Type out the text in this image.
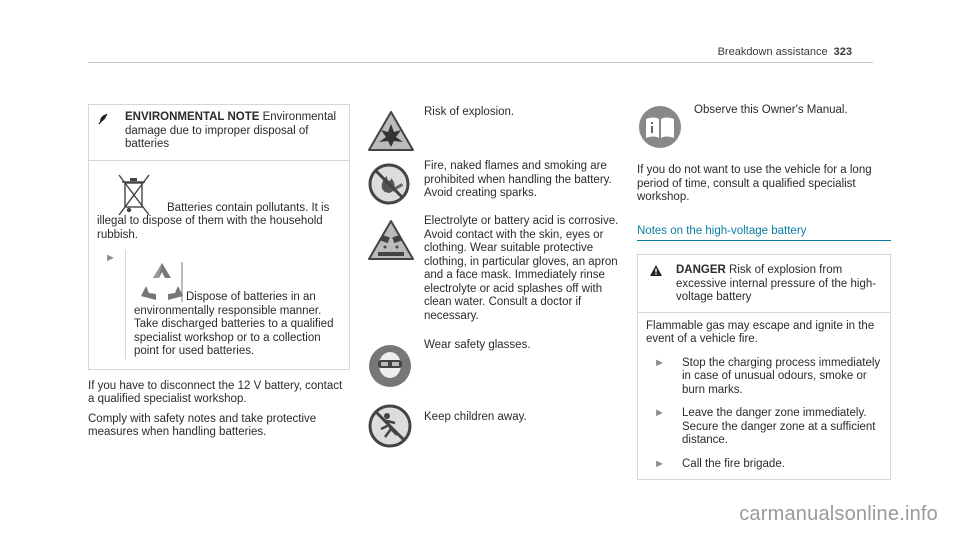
Breakdown assistance 323

ENVIRONMENTAL NOTE Environmental damage due to improper disposal of batteries

Batteries contain pollutants. It is illegal to dispose of them with the household rubbish.

►

Dispose of batteries in an environmentally responsible manner. Take discharged batteries to a qualified specialist workshop or to a collection point for used batteries.

If you have to disconnect the 12 V battery, contact a qualified specialist workshop.

Comply with safety notes and take protective measures when handling batteries.

Risk of explosion.

Fire, naked flames and smoking are prohibited when handling the battery. Avoid creating sparks.

Electrolyte or battery acid is corrosive. Avoid contact with the skin, eyes or clothing. Wear suitable protective clothing, in particular gloves, an apron and a face mask. Immediately rinse electrolyte or acid splashes off with clean water. Consult a doctor if necessary.

Wear safety glasses.

Keep children away.

Observe this Owner's Manual.

If you do not want to use the vehicle for a long period of time, consult a qualified specialist workshop.

Notes on the high-voltage battery

DANGER Risk of explosion from excessive internal pressure of the high-voltage battery

Flammable gas may escape and ignite in the event of a vehicle fire.

►	Stop the charging process immediately in case of unusual odours, smoke or burn marks.

►	Leave the danger zone immediately. Secure the danger zone at a sufficient distance.

►	Call the fire brigade.

carmanualsonline.info
